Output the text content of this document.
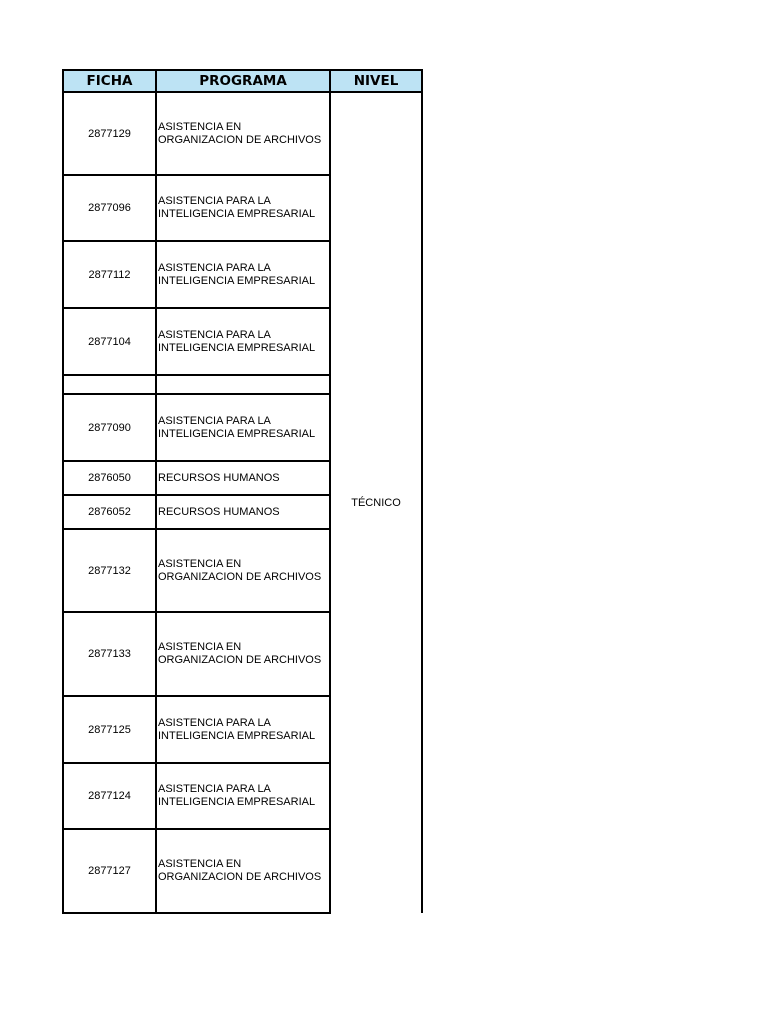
FICHA	PROGRAMA	NIVEL
2877129	ASISTENCIA EN ORGANIZACION DE ARCHIVOS	TÉCNICO
2877096	ASISTENCIA PARA LA INTELIGENCIA EMPRESARIAL	
2877112	ASISTENCIA PARA LA INTELIGENCIA EMPRESARIAL	
2877104	ASISTENCIA PARA LA INTELIGENCIA EMPRESARIAL	

2877090	ASISTENCIA PARA LA INTELIGENCIA EMPRESARIAL	
2876050	RECURSOS HUMANOS	
2876052	RECURSOS HUMANOS	
2877132	ASISTENCIA EN ORGANIZACION DE ARCHIVOS	
2877133	ASISTENCIA EN ORGANIZACION DE ARCHIVOS	
2877125	ASISTENCIA PARA LA INTELIGENCIA EMPRESARIAL	
2877124	ASISTENCIA PARA LA INTELIGENCIA EMPRESARIAL	
2877127	ASISTENCIA EN ORGANIZACION DE ARCHIVOS	
